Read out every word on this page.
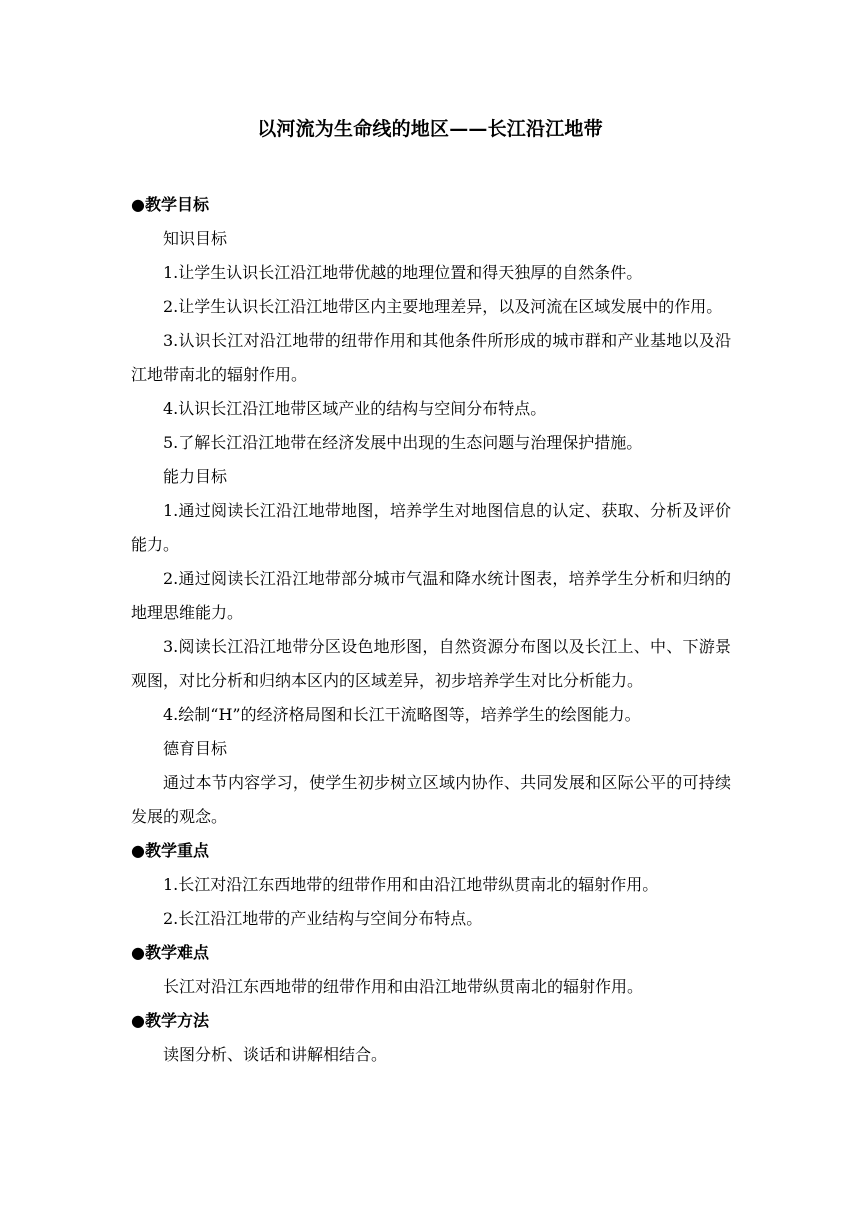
以河流为生命线的地区——长江沿江地带

●教学目标

知识目标

1.让学生认识长江沿江地带优越的地理位置和得天独厚的自然条件。

2.让学生认识长江沿江地带区内主要地理差异，以及河流在区域发展中的作用。

3.认识长江对沿江地带的纽带作用和其他条件所形成的城市群和产业基地以及沿江地带南北的辐射作用。

4.认识长江沿江地带区域产业的结构与空间分布特点。

5.了解长江沿江地带在经济发展中出现的生态问题与治理保护措施。

能力目标

1.通过阅读长江沿江地带地图，培养学生对地图信息的认定、获取、分析及评价能力。

2.通过阅读长江沿江地带部分城市气温和降水统计图表，培养学生分析和归纳的地理思维能力。

3.阅读长江沿江地带分区设色地形图，自然资源分布图以及长江上、中、下游景观图，对比分析和归纳本区内的区域差异，初步培养学生对比分析能力。

4.绘制“H”的经济格局图和长江干流略图等，培养学生的绘图能力。

德育目标

通过本节内容学习，使学生初步树立区域内协作、共同发展和区际公平的可持续发展的观念。

●教学重点

1.长江对沿江东西地带的纽带作用和由沿江地带纵贯南北的辐射作用。

2.长江沿江地带的产业结构与空间分布特点。

●教学难点

长江对沿江东西地带的纽带作用和由沿江地带纵贯南北的辐射作用。

●教学方法

读图分析、谈话和讲解相结合。
